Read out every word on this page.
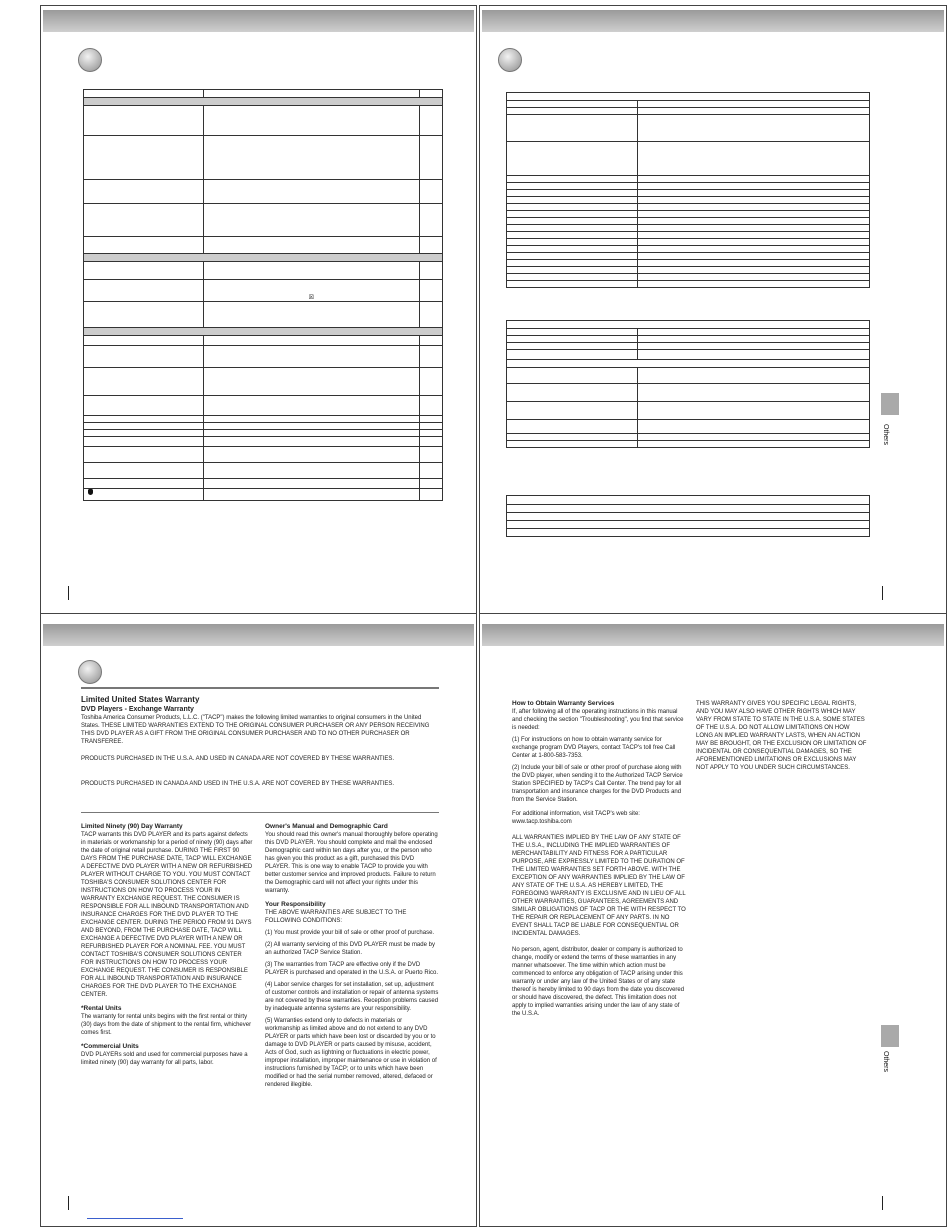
	☒	

Others
Limited United States Warranty
DVD Players - Exchange Warranty
Toshiba America Consumer Products, L.L.C. ("TACP") makes the following limited warranties to original consumers in the United States. THESE LIMITED WARRANTIES EXTEND TO THE ORIGINAL CONSUMER PURCHASER OR ANY PERSON RECEIVING THIS DVD PLAYER AS A GIFT FROM THE ORIGINAL CONSUMER PURCHASER AND TO NO OTHER PURCHASER OR TRANSFEREE.
PRODUCTS PURCHASED IN THE U.S.A. AND USED IN CANADA ARE NOT COVERED BY THESE WARRANTIES.
PRODUCTS PURCHASED IN CANADA AND USED IN THE U.S.A. ARE NOT COVERED BY THESE WARRANTIES.
Limited Ninety (90) Day Warranty
TACP warrants this DVD PLAYER and its parts against defects in materials or workmanship for a period of ninety (90) days after the date of original retail purchase. DURING THE FIRST 90 DAYS FROM THE PURCHASE DATE, TACP WILL EXCHANGE A DEFECTIVE DVD PLAYER WITH A NEW OR REFURBISHED PLAYER WITHOUT CHARGE TO YOU. YOU MUST CONTACT TOSHIBA'S CONSUMER SOLUTIONS CENTER FOR INSTRUCTIONS ON HOW TO PROCESS YOUR IN WARRANTY EXCHANGE REQUEST. THE CONSUMER IS RESPONSIBLE FOR ALL INBOUND TRANSPORTATION AND INSURANCE CHARGES FOR THE DVD PLAYER TO THE EXCHANGE CENTER. DURING THE PERIOD FROM 91 DAYS AND BEYOND, FROM THE PURCHASE DATE, TACP WILL EXCHANGE A DEFECTIVE DVD PLAYER WITH A NEW OR REFURBISHED PLAYER FOR A NOMINAL FEE. YOU MUST CONTACT TOSHIBA'S CONSUMER SOLUTIONS CENTER FOR INSTRUCTIONS ON HOW TO PROCESS YOUR EXCHANGE REQUEST. THE CONSUMER IS RESPONSIBLE FOR ALL INBOUND TRANSPORTATION AND INSURANCE CHARGES FOR THE DVD PLAYER TO THE EXCHANGE CENTER.
*Rental Units
The warranty for rental units begins with the first rental or thirty (30) days from the date of shipment to the rental firm, whichever comes first.
*Commercial Units
DVD PLAYERs sold and used for commercial purposes have a limited ninety (90) day warranty for all parts, labor.
Owner's Manual and Demographic Card
You should read this owner's manual thoroughly before operating this DVD PLAYER. You should complete and mail the enclosed Demographic card within ten days after you, or the person who has given you this product as a gift, purchased this DVD PLAYER. This is one way to enable TACP to provide you with better customer service and improved products. Failure to return the Demographic card will not affect your rights under this warranty.
Your Responsibility
THE ABOVE WARRANTIES ARE SUBJECT TO THE FOLLOWING CONDITIONS:
(1) You must provide your bill of sale or other proof of purchase.
(2) All warranty servicing of this DVD PLAYER must be made by an authorized TACP Service Station.
(3) The warranties from TACP are effective only if the DVD PLAYER is purchased and operated in the U.S.A. or Puerto Rico.
(4) Labor service charges for set installation, set up, adjustment of customer controls and installation or repair of antenna systems are not covered by these warranties. Reception problems caused by inadequate antenna systems are your responsibility.
(5) Warranties extend only to defects in materials or workmanship as limited above and do not extend to any DVD PLAYER or parts which have been lost or discarded by you or to damage to DVD PLAYER or parts caused by misuse, accident, Acts of God, such as lightning or fluctuations in electric power, improper installation, improper maintenance or use in violation of instructions furnished by TACP; or to units which have been modified or had the serial number removed, altered, defaced or rendered illegible.
How to Obtain Warranty Services
If, after following all of the operating instructions in this manual and checking the section "Troubleshooting", you find that service is needed:
(1) For instructions on how to obtain warranty service for exchange program DVD Players, contact TACP's toll free Call Center at 1-800-583-7353.
(2) Include your bill of sale or other proof of purchase along with the DVD player, when sending it to the Authorized TACP Service Station SPECIFIED by TACP's Call Center. The trend pay for all transportation and insurance charges for the DVD Products and from the Service Station.
For additional information, visit TACP's web site: www.tacp.toshiba.com
ALL WARRANTIES IMPLIED BY THE LAW OF ANY STATE OF THE U.S.A., INCLUDING THE IMPLIED WARRANTIES OF MERCHANTABILITY AND FITNESS FOR A PARTICULAR PURPOSE, ARE EXPRESSLY LIMITED TO THE DURATION OF THE LIMITED WARRANTIES SET FORTH ABOVE. WITH THE EXCEPTION OF ANY WARRANTIES IMPLIED BY THE LAW OF ANY STATE OF THE U.S.A. AS HEREBY LIMITED, THE FOREGOING WARRANTY IS EXCLUSIVE AND IN LIEU OF ALL OTHER WARRANTIES, GUARANTEES, AGREEMENTS AND SIMILAR OBLIGATIONS OF TACP OR THE WITH RESPECT TO THE REPAIR OR REPLACEMENT OF ANY PARTS. IN NO EVENT SHALL TACP BE LIABLE FOR CONSEQUENTIAL OR INCIDENTAL DAMAGES.
No person, agent, distributor, dealer or company is authorized to change, modify or extend the terms of these warranties in any manner whatsoever. The time within which action must be commenced to enforce any obligation of TACP arising under this warranty or under any law of the United States or of any state thereof is hereby limited to 90 days from the date you discovered or should have discovered, the defect. This limitation does not apply to implied warranties arising under the law of any state of the U.S.A.
THIS WARRANTY GIVES YOU SPECIFIC LEGAL RIGHTS, AND YOU MAY ALSO HAVE OTHER RIGHTS WHICH MAY VARY FROM STATE TO STATE IN THE U.S.A. SOME STATES OF THE U.S.A. DO NOT ALLOW LIMITATIONS ON HOW LONG AN IMPLIED WARRANTY LASTS, WHEN AN ACTION MAY BE BROUGHT, OR THE EXCLUSION OR LIMITATION OF INCIDENTAL OR CONSEQUENTIAL DAMAGES, SO THE AFOREMENTIONED LIMITATIONS OR EXCLUSIONS MAY NOT APPLY TO YOU UNDER SUCH CIRCUMSTANCES.
Others
